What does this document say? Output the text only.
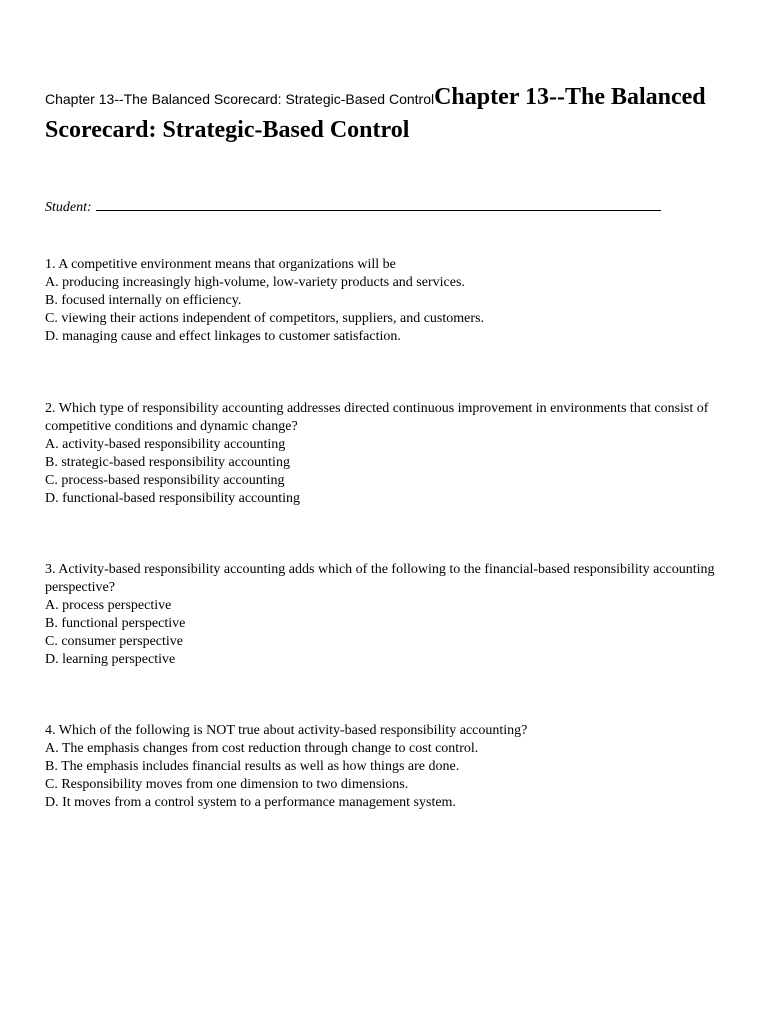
Chapter 13--The Balanced Scorecard: Strategic-Based ControlChapter 13--The Balanced Scorecard: Strategic-Based Control
Student:
1. A competitive environment means that organizations will be
A. producing increasingly high-volume, low-variety products and services.
B. focused internally on efficiency.
C. viewing their actions independent of competitors, suppliers, and customers.
D. managing cause and effect linkages to customer satisfaction.
2. Which type of responsibility accounting addresses directed continuous improvement in environments that consist of competitive conditions and dynamic change?
A. activity-based responsibility accounting
B. strategic-based responsibility accounting
C. process-based responsibility accounting
D. functional-based responsibility accounting
3. Activity-based responsibility accounting adds which of the following to the financial-based responsibility accounting perspective?
A. process perspective
B. functional perspective
C. consumer perspective
D. learning perspective
4. Which of the following is NOT true about activity-based responsibility accounting?
A. The emphasis changes from cost reduction through change to cost control.
B. The emphasis includes financial results as well as how things are done.
C. Responsibility moves from one dimension to two dimensions.
D. It moves from a control system to a performance management system.
